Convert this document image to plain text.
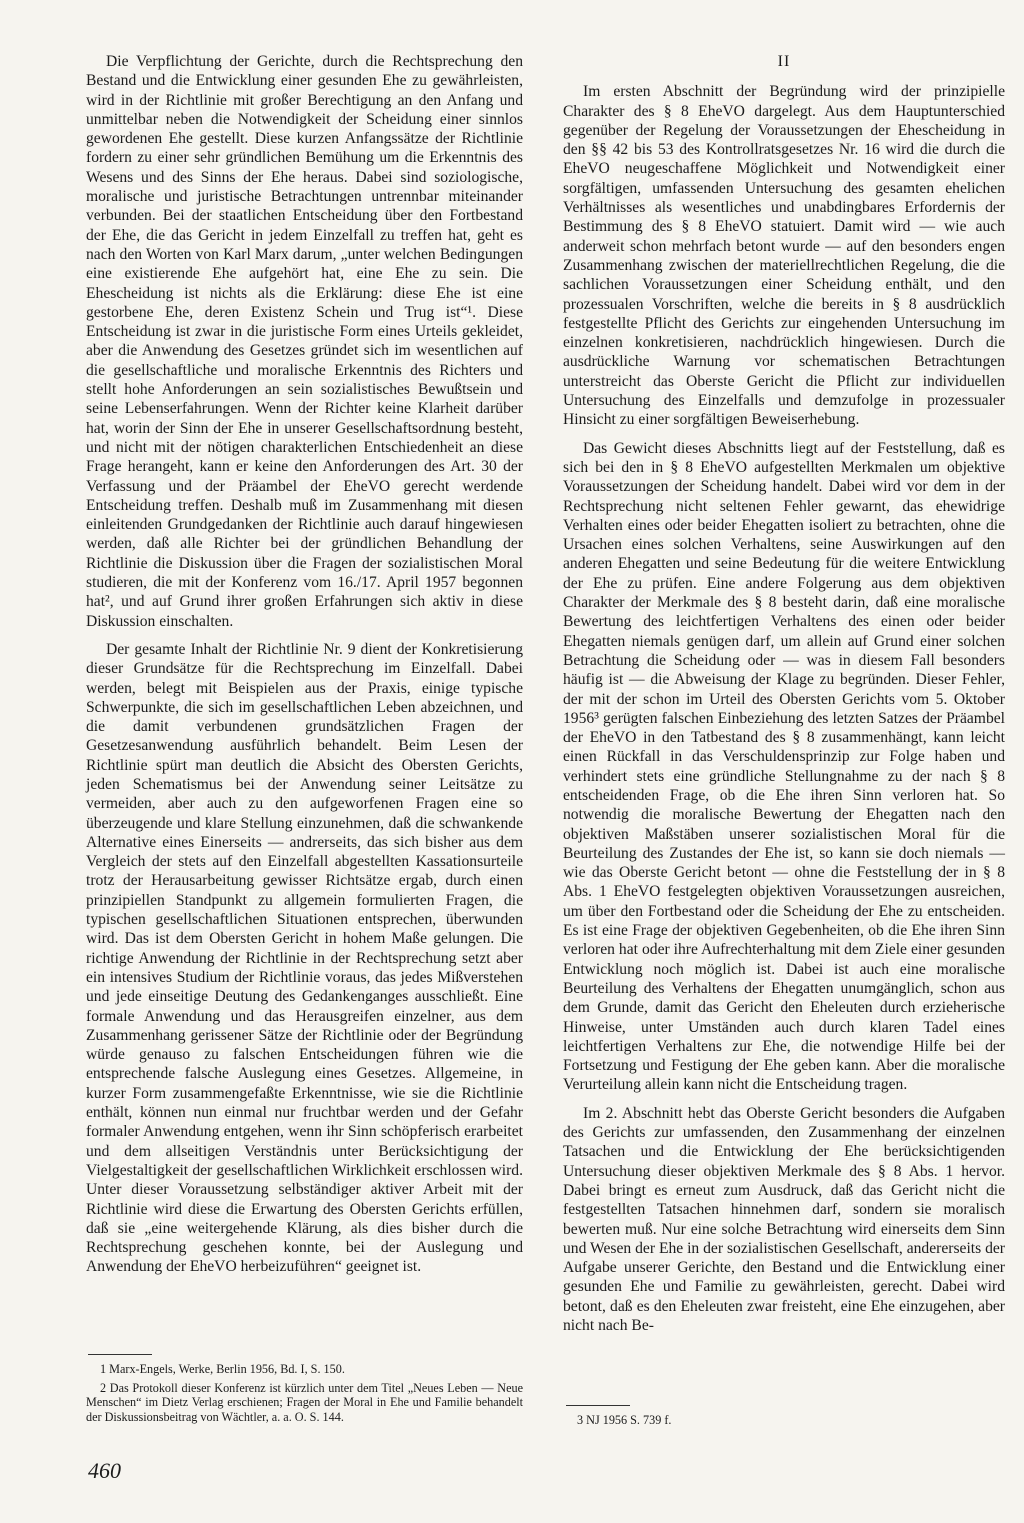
Die Verpflichtung der Gerichte, durch die Rechtsprechung den Bestand und die Entwicklung einer gesunden Ehe zu gewährleisten, wird in der Richtlinie mit großer Berechtigung an den Anfang und unmittelbar neben die Notwendigkeit der Scheidung einer sinnlos gewordenen Ehe gestellt. Diese kurzen Anfangssätze der Richtlinie fordern zu einer sehr gründlichen Bemühung um die Erkenntnis des Wesens und des Sinns der Ehe heraus. Dabei sind soziologische, moralische und juristische Betrachtungen untrennbar miteinander verbunden. Bei der staatlichen Entscheidung über den Fortbestand der Ehe, die das Gericht in jedem Einzelfall zu treffen hat, geht es nach den Worten von Karl Marx darum, „unter welchen Bedingungen eine existierende Ehe aufgehört hat, eine Ehe zu sein. Die Ehescheidung ist nichts als die Erklärung: diese Ehe ist eine gestorbene Ehe, deren Existenz Schein und Trug ist“¹. Diese Entscheidung ist zwar in die juristische Form eines Urteils gekleidet, aber die Anwendung des Gesetzes gründet sich im wesentlichen auf die gesellschaftliche und moralische Erkenntnis des Richters und stellt hohe Anforderungen an sein sozialistisches Bewußtsein und seine Lebenserfahrungen. Wenn der Richter keine Klarheit darüber hat, worin der Sinn der Ehe in unserer Gesellschaftsordnung besteht, und nicht mit der nötigen charakterlichen Entschiedenheit an diese Frage herangeht, kann er keine den Anforderungen des Art. 30 der Verfassung und der Präambel der EheVO gerecht werdende Entscheidung treffen. Deshalb muß im Zusammenhang mit diesen einleitenden Grundgedanken der Richtlinie auch darauf hingewiesen werden, daß alle Richter bei der gründlichen Behandlung der Richtlinie die Diskussion über die Fragen der sozialistischen Moral studieren, die mit der Konferenz vom 16./17. April 1957 begonnen hat², und auf Grund ihrer großen Erfahrungen sich aktiv in diese Diskussion einschalten.

Der gesamte Inhalt der Richtlinie Nr. 9 dient der Konkretisierung dieser Grundsätze für die Rechtsprechung im Einzelfall. Dabei werden, belegt mit Beispielen aus der Praxis, einige typische Schwerpunkte, die sich im gesellschaftlichen Leben abzeichnen, und die damit verbundenen grundsätzlichen Fragen der Gesetzesanwendung ausführlich behandelt. Beim Lesen der Richtlinie spürt man deutlich die Absicht des Obersten Gerichts, jeden Schematismus bei der Anwendung seiner Leitsätze zu vermeiden, aber auch zu den aufgeworfenen Fragen eine so überzeugende und klare Stellung einzunehmen, daß die schwankende Alternative eines Einerseits — andrerseits, das sich bisher aus dem Vergleich der stets auf den Einzelfall abgestellten Kassationsurteile trotz der Herausarbeitung gewisser Richtsätze ergab, durch einen prinzipiellen Standpunkt zu allgemein formulierten Fragen, die typischen gesellschaftlichen Situationen entsprechen, überwunden wird. Das ist dem Obersten Gericht in hohem Maße gelungen. Die richtige Anwendung der Richtlinie in der Rechtsprechung setzt aber ein intensives Studium der Richtlinie voraus, das jedes Mißverstehen und jede einseitige Deutung des Gedankenganges ausschließt. Eine formale Anwendung und das Herausgreifen einzelner, aus dem Zusammenhang gerissener Sätze der Richtlinie oder der Begründung würde genauso zu falschen Entscheidungen führen wie die entsprechende falsche Auslegung eines Gesetzes. Allgemeine, in kurzer Form zusammengefaßte Erkenntnisse, wie sie die Richtlinie enthält, können nun einmal nur fruchtbar werden und der Gefahr formaler Anwendung entgehen, wenn ihr Sinn schöpferisch erarbeitet und dem allseitigen Verständnis unter Berücksichtigung der Vielgestaltigkeit der gesellschaftlichen Wirklichkeit erschlossen wird. Unter dieser Voraussetzung selbständiger aktiver Arbeit mit der Richtlinie wird diese die Erwartung des Obersten Gerichts erfüllen, daß sie „eine weitergehende Klärung, als dies bisher durch die Rechtsprechung geschehen konnte, bei der Auslegung und Anwendung der EheVO herbeizuführen“ geeignet ist.

1 Marx-Engels, Werke, Berlin 1956, Bd. I, S. 150.

2 Das Protokoll dieser Konferenz ist kürzlich unter dem Titel „Neues Leben — Neue Menschen“ im Dietz Verlag erschienen; Fragen der Moral in Ehe und Familie behandelt der Diskussionsbeitrag von Wächtler, a. a. O. S. 144.

II

Im ersten Abschnitt der Begründung wird der prinzipielle Charakter des § 8 EheVO dargelegt. Aus dem Hauptunterschied gegenüber der Regelung der Voraussetzungen der Ehescheidung in den §§ 42 bis 53 des Kontrollratsgesetzes Nr. 16 wird die durch die EheVO neugeschaffene Möglichkeit und Notwendigkeit einer sorgfältigen, umfassenden Untersuchung des gesamten ehelichen Verhältnisses als wesentliches und unabdingbares Erfordernis der Bestimmung des § 8 EheVO statuiert. Damit wird — wie auch anderweit schon mehrfach betont wurde — auf den besonders engen Zusammenhang zwischen der materiellrechtlichen Regelung, die die sachlichen Voraussetzungen einer Scheidung enthält, und den prozessualen Vorschriften, welche die bereits in § 8 ausdrücklich festgestellte Pflicht des Gerichts zur eingehenden Untersuchung im einzelnen konkretisieren, nachdrücklich hingewiesen. Durch die ausdrückliche Warnung vor schematischen Betrachtungen unterstreicht das Oberste Gericht die Pflicht zur individuellen Untersuchung des Einzelfalls und demzufolge in prozessualer Hinsicht zu einer sorgfältigen Beweiserhebung.

Das Gewicht dieses Abschnitts liegt auf der Feststellung, daß es sich bei den in § 8 EheVO aufgestellten Merkmalen um objektive Voraussetzungen der Scheidung handelt. Dabei wird vor dem in der Rechtsprechung nicht seltenen Fehler gewarnt, das ehewidrige Verhalten eines oder beider Ehegatten isoliert zu betrachten, ohne die Ursachen eines solchen Verhaltens, seine Auswirkungen auf den anderen Ehegatten und seine Bedeutung für die weitere Entwicklung der Ehe zu prüfen. Eine andere Folgerung aus dem objektiven Charakter der Merkmale des § 8 besteht darin, daß eine moralische Bewertung des leichtfertigen Verhaltens des einen oder beider Ehegatten niemals genügen darf, um allein auf Grund einer solchen Betrachtung die Scheidung oder — was in diesem Fall besonders häufig ist — die Abweisung der Klage zu begründen. Dieser Fehler, der mit der schon im Urteil des Obersten Gerichts vom 5. Oktober 1956³ gerügten falschen Einbeziehung des letzten Satzes der Präambel der EheVO in den Tatbestand des § 8 zusammenhängt, kann leicht einen Rückfall in das Verschuldensprinzip zur Folge haben und verhindert stets eine gründliche Stellungnahme zu der nach § 8 entscheidenden Frage, ob die Ehe ihren Sinn verloren hat. So notwendig die moralische Bewertung der Ehegatten nach den objektiven Maßstäben unserer sozialistischen Moral für die Beurteilung des Zustandes der Ehe ist, so kann sie doch niemals — wie das Oberste Gericht betont — ohne die Feststellung der in § 8 Abs. 1 EheVO festgelegten objektiven Voraussetzungen ausreichen, um über den Fortbestand oder die Scheidung der Ehe zu entscheiden. Es ist eine Frage der objektiven Gegebenheiten, ob die Ehe ihren Sinn verloren hat oder ihre Aufrechterhaltung mit dem Ziele einer gesunden Entwicklung noch möglich ist. Dabei ist auch eine moralische Beurteilung des Verhaltens der Ehegatten unumgänglich, schon aus dem Grunde, damit das Gericht den Eheleuten durch erzieherische Hinweise, unter Umständen auch durch klaren Tadel eines leichtfertigen Verhaltens zur Ehe, die notwendige Hilfe bei der Fortsetzung und Festigung der Ehe geben kann. Aber die moralische Verurteilung allein kann nicht die Entscheidung tragen.

Im 2. Abschnitt hebt das Oberste Gericht besonders die Aufgaben des Gerichts zur umfassenden, den Zusammenhang der einzelnen Tatsachen und die Entwicklung der Ehe berücksichtigenden Untersuchung dieser objektiven Merkmale des § 8 Abs. 1 hervor. Dabei bringt es erneut zum Ausdruck, daß das Gericht nicht die festgestellten Tatsachen hinnehmen darf, sondern sie moralisch bewerten muß. Nur eine solche Betrachtung wird einerseits dem Sinn und Wesen der Ehe in der sozialistischen Gesellschaft, andererseits der Aufgabe unserer Gerichte, den Bestand und die Entwicklung einer gesunden Ehe und Familie zu gewährleisten, gerecht. Dabei wird betont, daß es den Eheleuten zwar freisteht, eine Ehe einzugehen, aber nicht nach Be-

3 NJ 1956 S. 739 f.

460
